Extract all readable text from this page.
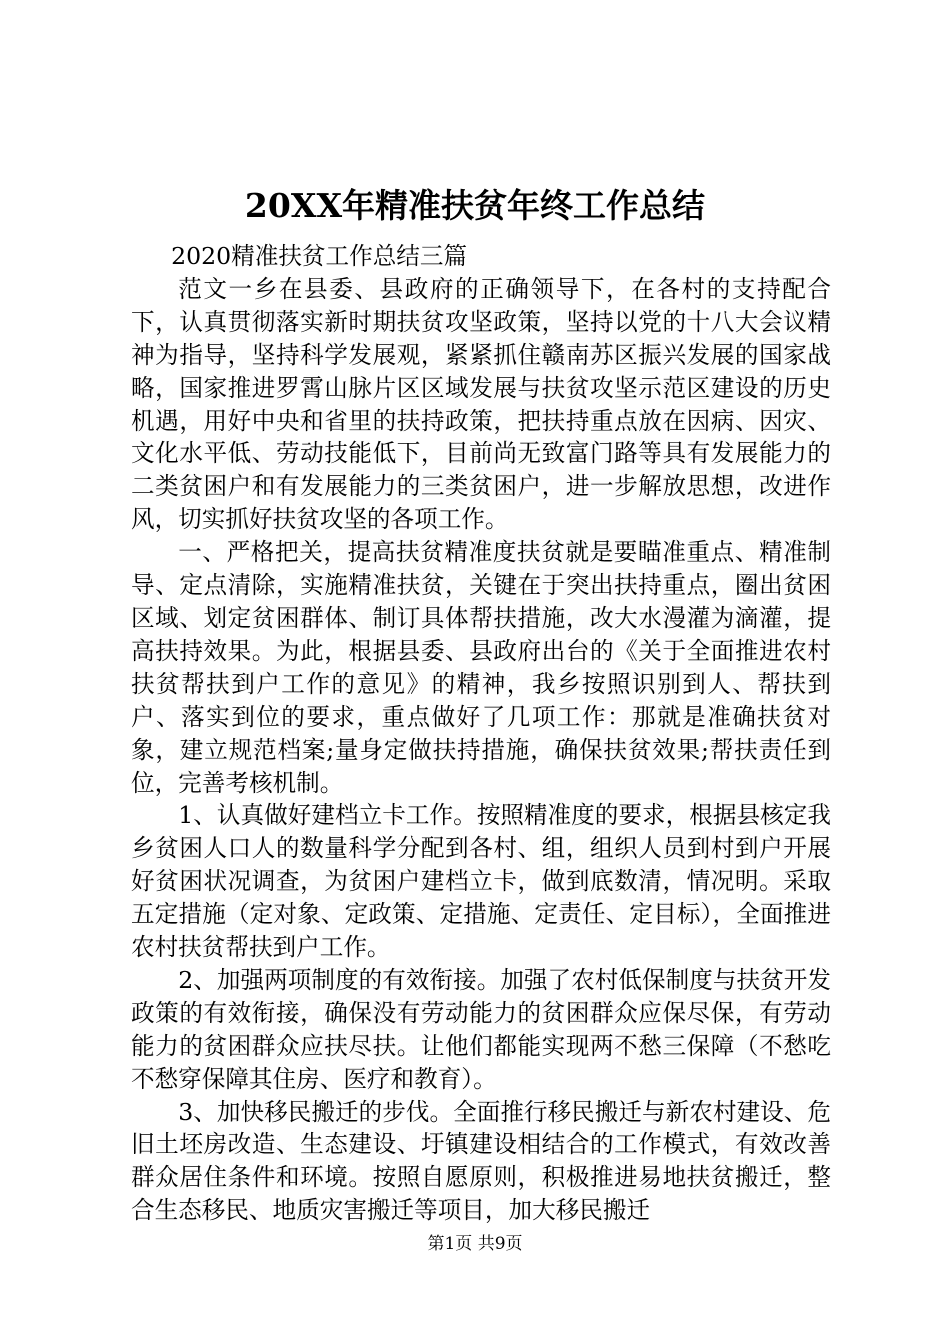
20XX年精准扶贫年终工作总结

2020精准扶贫工作总结三篇

范文一乡在县委、县政府的正确领导下，在各村的支持配合下，认真贯彻落实新时期扶贫攻坚政策，坚持以党的十八大会议精神为指导，坚持科学发展观，紧紧抓住赣南苏区振兴发展的国家战略，国家推进罗霄山脉片区区域发展与扶贫攻坚示范区建设的历史机遇，用好中央和省里的扶持政策，把扶持重点放在因病、因灾、文化水平低、劳动技能低下，目前尚无致富门路等具有发展能力的二类贫困户和有发展能力的三类贫困户，进一步解放思想，改进作风，切实抓好扶贫攻坚的各项工作。

一、严格把关，提高扶贫精准度扶贫就是要瞄准重点、精准制导、定点清除，实施精准扶贫，关键在于突出扶持重点，圈出贫困区域、划定贫困群体、制订具体帮扶措施，改大水漫灌为滴灌，提高扶持效果。为此，根据县委、县政府出台的《关于全面推进农村扶贫帮扶到户工作的意见》的精神，我乡按照识别到人、帮扶到户、落实到位的要求，重点做好了几项工作：那就是准确扶贫对象，建立规范档案;量身定做扶持措施，确保扶贫效果;帮扶责任到位，完善考核机制。

1、认真做好建档立卡工作。按照精准度的要求，根据县核定我乡贫困人口人的数量科学分配到各村、组，组织人员到村到户开展好贫困状况调查，为贫困户建档立卡，做到底数清，情况明。采取五定措施（定对象、定政策、定措施、定责任、定目标），全面推进农村扶贫帮扶到户工作。

2、加强两项制度的有效衔接。加强了农村低保制度与扶贫开发政策的有效衔接，确保没有劳动能力的贫困群众应保尽保，有劳动能力的贫困群众应扶尽扶。让他们都能实现两不愁三保障（不愁吃不愁穿保障其住房、医疗和教育）。

3、加快移民搬迁的步伐。全面推行移民搬迁与新农村建设、危旧土坯房改造、生态建设、圩镇建设相结合的工作模式，有效改善群众居住条件和环境。按照自愿原则，积极推进易地扶贫搬迁，整合生态移民、地质灾害搬迁等项目，加大移民搬迁

第1页 共9页
